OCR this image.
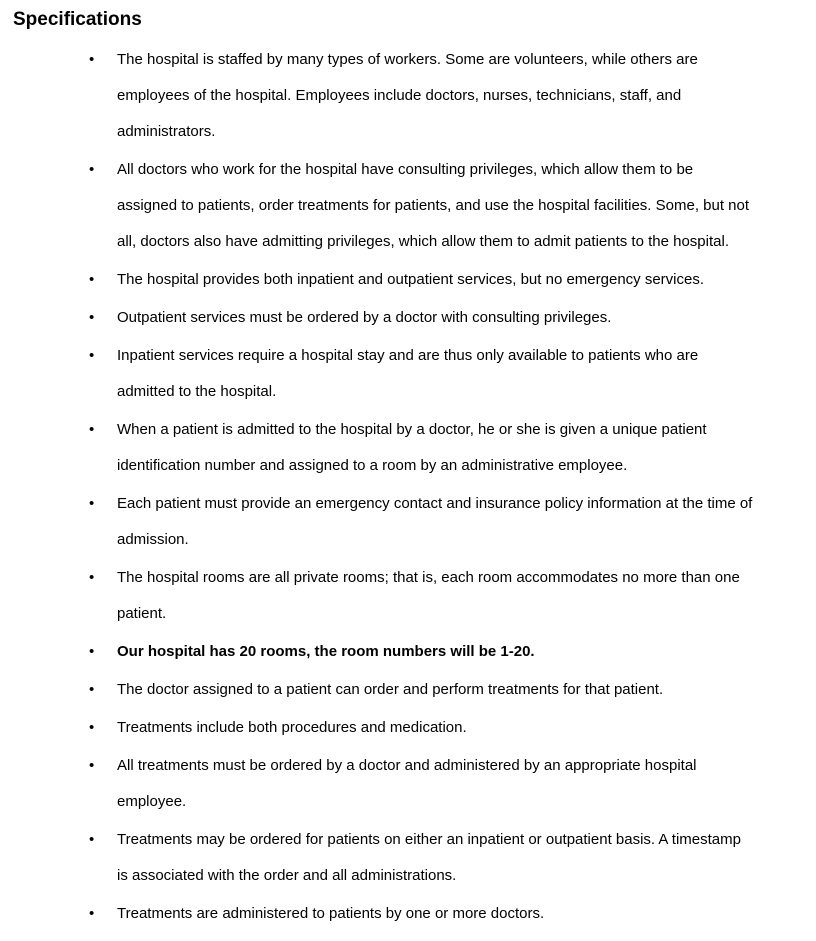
Specifications
• The hospital is staffed by many types of workers. Some are volunteers, while others are
employees of the hospital. Employees include doctors, nurses, technicians, staff, and
administrators.
• All doctors who work for the hospital have consulting privileges, which allow them to be
assigned to patients, order treatments for patients, and use the hospital facilities. Some, but not
all, doctors also have admitting privileges, which allow them to admit patients to the hospital.
• The hospital provides both inpatient and outpatient services, but no emergency services.
• Outpatient services must be ordered by a doctor with consulting privileges.
• Inpatient services require a hospital stay and are thus only available to patients who are
admitted to the hospital.
• When a patient is admitted to the hospital by a doctor, he or she is given a unique patient
identification number and assigned to a room by an administrative employee.
• Each patient must provide an emergency contact and insurance policy information at the time of
admission.
• The hospital rooms are all private rooms; that is, each room accommodates no more than one
patient.
• Our hospital has 20 rooms, the room numbers will be 1-20.
• The doctor assigned to a patient can order and perform treatments for that patient.
• Treatments include both procedures and medication.
• All treatments must be ordered by a doctor and administered by an appropriate hospital
employee.
• Treatments may be ordered for patients on either an inpatient or outpatient basis. A timestamp
is associated with the order and all administrations.
• Treatments are administered to patients by one or more doctors.
